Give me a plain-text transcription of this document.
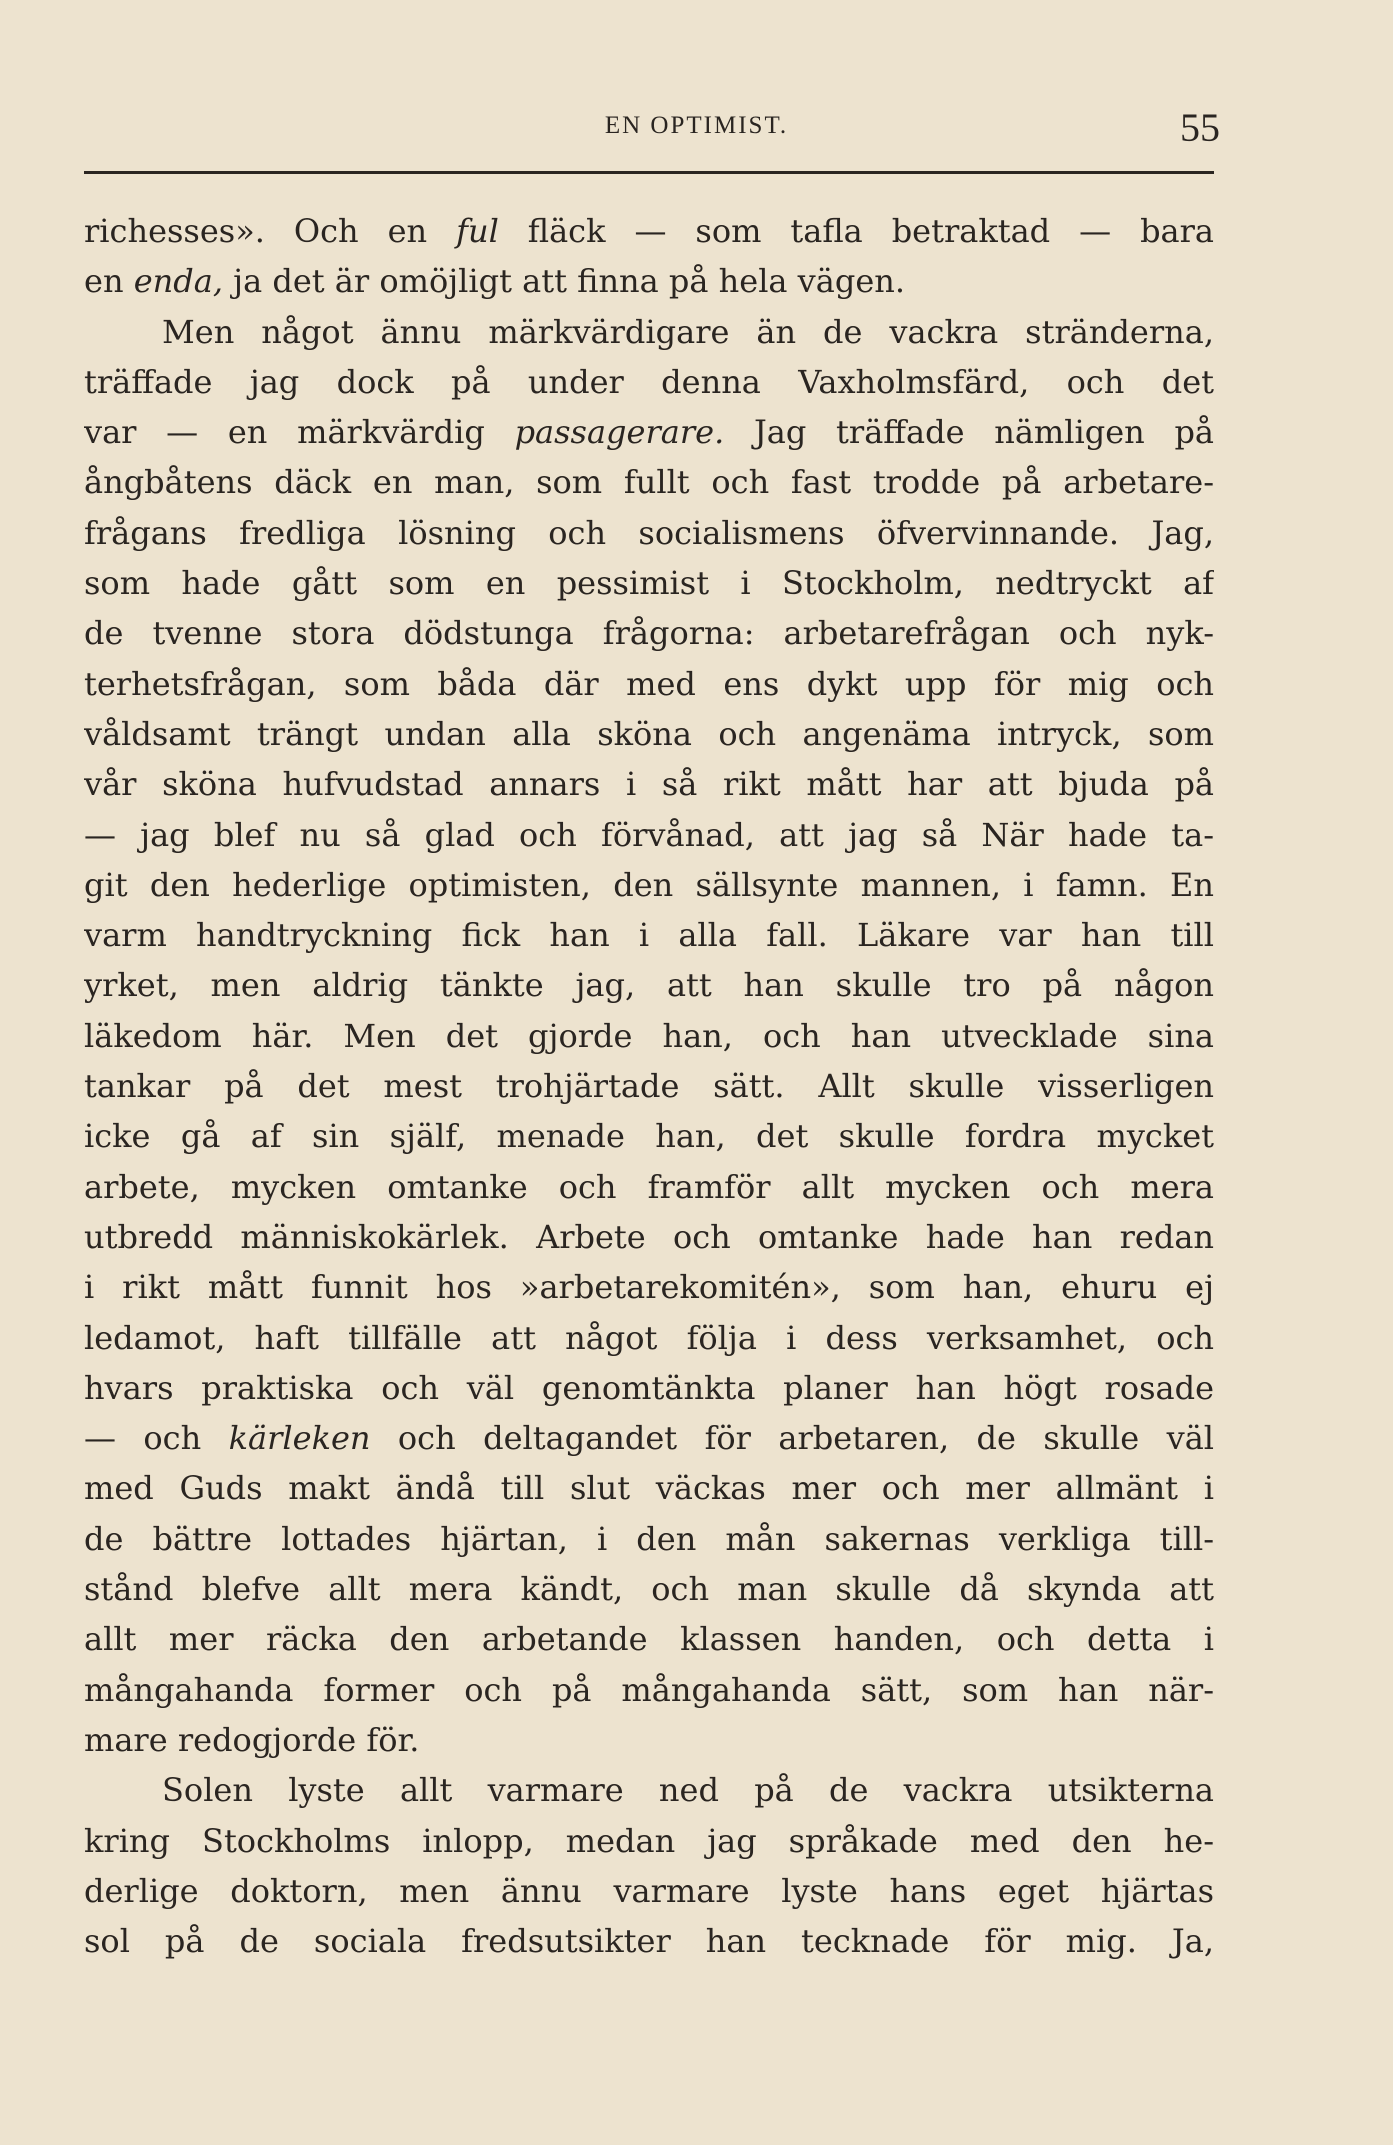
EN OPTIMIST.	55
richesses». Och en ful fläck — som tafla betraktad — bara
en enda, ja det är omöjligt att finna på hela vägen.
Men något ännu märkvärdigare än de vackra stränderna,
träffade jag dock på under denna Vaxholmsfärd, och det
var — en märkvärdig passagerare. Jag träffade nämligen på
ångbåtens däck en man, som fullt och fast trodde på arbetare-
frågans fredliga lösning och socialismens öfvervinnande. Jag,
som hade gått som en pessimist i Stockholm, nedtryckt af
de tvenne stora dödstunga frågorna: arbetarefrågan och nyk-
terhetsfrågan, som båda där med ens dykt upp för mig och
våldsamt trängt undan alla sköna och angenäma intryck, som
vår sköna hufvudstad annars i så rikt mått har att bjuda på
— jag blef nu så glad och förvånad, att jag så När hade ta-
git den hederlige optimisten, den sällsynte mannen, i famn. En
varm handtryckning fick han i alla fall. Läkare var han till
yrket, men aldrig tänkte jag, att han skulle tro på någon
läkedom här. Men det gjorde han, och han utvecklade sina
tankar på det mest trohjärtade sätt. Allt skulle visserligen
icke gå af sin själf, menade han, det skulle fordra mycket
arbete, mycken omtanke och framför allt mycken och mera
utbredd människokärlek. Arbete och omtanke hade han redan
i rikt mått funnit hos »arbetarekomitén», som han, ehuru ej
ledamot, haft tillfälle att något följa i dess verksamhet, och
hvars praktiska och väl genomtänkta planer han högt rosade
— och kärleken och deltagandet för arbetaren, de skulle väl
med Guds makt ändå till slut väckas mer och mer allmänt i
de bättre lottades hjärtan, i den mån sakernas verkliga till-
stånd blefve allt mera kändt, och man skulle då skynda att
allt mer räcka den arbetande klassen handen, och detta i
mångahanda former och på mångahanda sätt, som han när-
mare redogjorde för.
Solen lyste allt varmare ned på de vackra utsikterna
kring Stockholms inlopp, medan jag språkade med den he-
derlige doktorn, men ännu varmare lyste hans eget hjärtas
sol på de sociala fredsutsikter han tecknade för mig. Ja,
